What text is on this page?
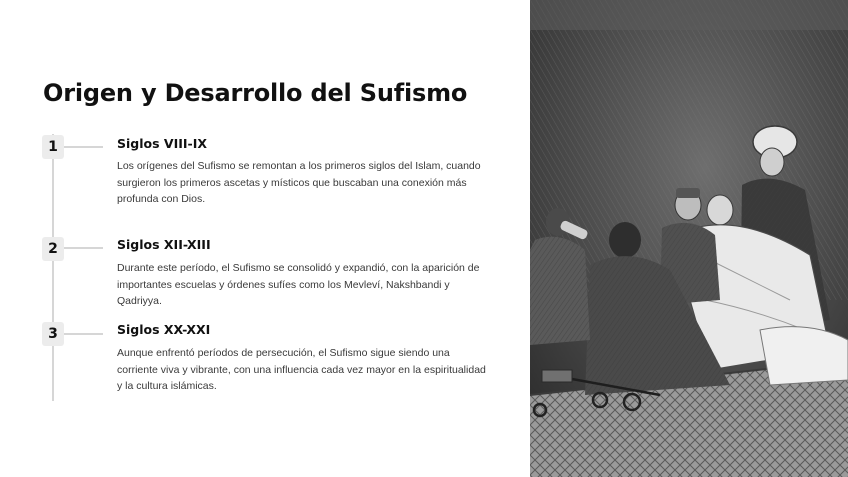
Origen y Desarrollo del Sufismo
1	Siglos VIII-IX

Los orígenes del Sufismo se remontan a los primeros siglos del Islam, cuando surgieron los primeros ascetas y místicos que buscaban una conexión más profunda con Dios.

2	Siglos XII-XIII

Durante este período, el Sufismo se consolidó y expandió, con la aparición de importantes escuelas y órdenes sufíes como los Mevleví, Nakshbandi y Qadriyya.

3	Siglos XX-XXI

Aunque enfrentó períodos de persecución, el Sufismo sigue siendo una corriente viva y vibrante, con una influencia cada vez mayor en la espiritualidad y la cultura islámicas.
